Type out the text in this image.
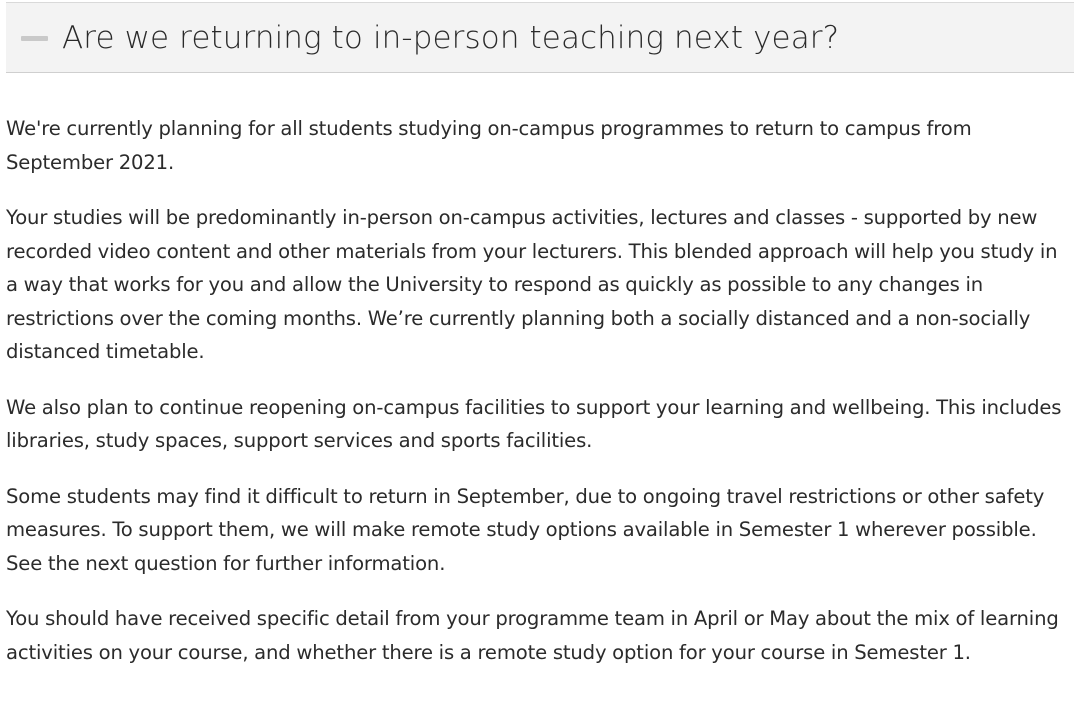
Are we returning to in-person teaching next year?

We're currently planning for all students studying on-campus programmes to return to campus from September 2021.

Your studies will be predominantly in-person on-campus activities, lectures and classes - supported by new recorded video content and other materials from your lecturers. This blended approach will help you study in a way that works for you and allow the University to respond as quickly as possible to any changes in restrictions over the coming months. We’re currently planning both a socially distanced and a non-socially distanced timetable.

We also plan to continue reopening on-campus facilities to support your learning and wellbeing. This includes libraries, study spaces, support services and sports facilities.

Some students may find it difficult to return in September, due to ongoing travel restrictions or other safety measures. To support them, we will make remote study options available in Semester 1 wherever possible. See the next question for further information.

You should have received specific detail from your programme team in April or May about the mix of learning activities on your course, and whether there is a remote study option for your course in Semester 1.
